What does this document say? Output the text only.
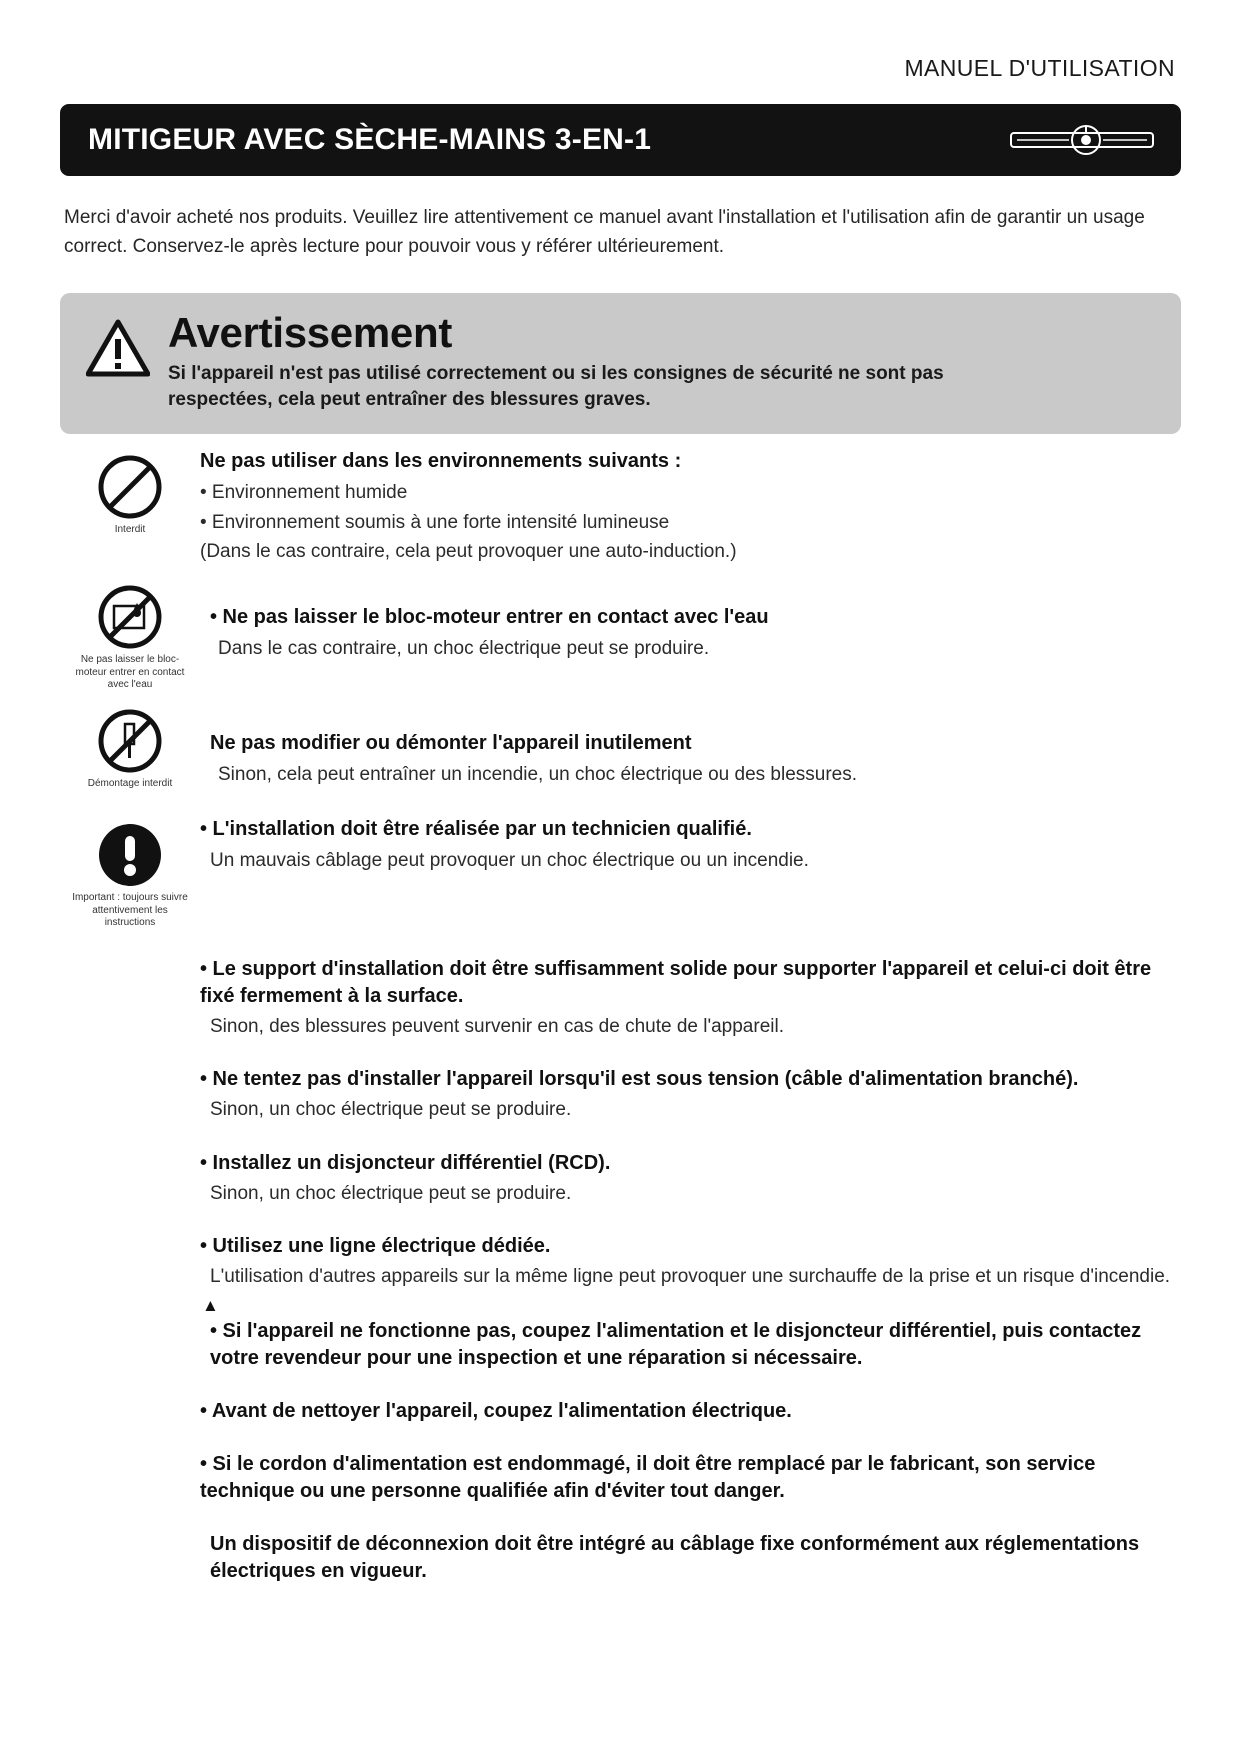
MANUEL D'UTILISATION
MITIGEUR AVEC SÈCHE-MAINS 3-EN-1
Merci d'avoir acheté nos produits. Veuillez lire attentivement ce manuel avant l'installation et l'utilisation afin de garantir un usage correct. Conservez-le après lecture pour pouvoir vous y référer ultérieurement.
Avertissement
Si l'appareil n'est pas utilisé correctement ou si les consignes de sécurité ne sont pas respectées, cela peut entraîner des blessures graves.
Interdit
Ne pas utiliser dans les environnements suivants :
• Environnement humide
• Environnement soumis à une forte intensité lumineuse
(Dans le cas contraire, cela peut provoquer une auto-induction.)
Ne pas laisser le bloc-moteur entrer en contact avec l'eau
• Ne pas laisser le bloc-moteur entrer en contact avec l'eau
Dans le cas contraire, un choc électrique peut se produire.
Démontage interdit
Ne pas modifier ou démonter l'appareil inutilement
Sinon, cela peut entraîner un incendie, un choc électrique ou des blessures.
Important : toujours suivre attentivement les instructions
• L'installation doit être réalisée par un technicien qualifié.
Un mauvais câblage peut provoquer un choc électrique ou un incendie.
• Le support d'installation doit être suffisamment solide pour supporter l'appareil et celui-ci doit être fixé fermement à la surface.
Sinon, des blessures peuvent survenir en cas de chute de l'appareil.
• Ne tentez pas d'installer l'appareil lorsqu'il est sous tension (câble d'alimentation branché).
Sinon, un choc électrique peut se produire.
• Installez un disjoncteur différentiel (RCD).
Sinon, un choc électrique peut se produire.
• Utilisez une ligne électrique dédiée.
L'utilisation d'autres appareils sur la même ligne peut provoquer une surchauffe de la prise et un risque d'incendie.
▲
• Si l'appareil ne fonctionne pas, coupez l'alimentation et le disjoncteur différentiel, puis contactez votre revendeur pour une inspection et une réparation si nécessaire.
• Avant de nettoyer l'appareil, coupez l'alimentation électrique.
• Si le cordon d'alimentation est endommagé, il doit être remplacé par le fabricant, son service technique ou une personne qualifiée afin d'éviter tout danger.
Un dispositif de déconnexion doit être intégré au câblage fixe conformément aux réglementations électriques en vigueur.
